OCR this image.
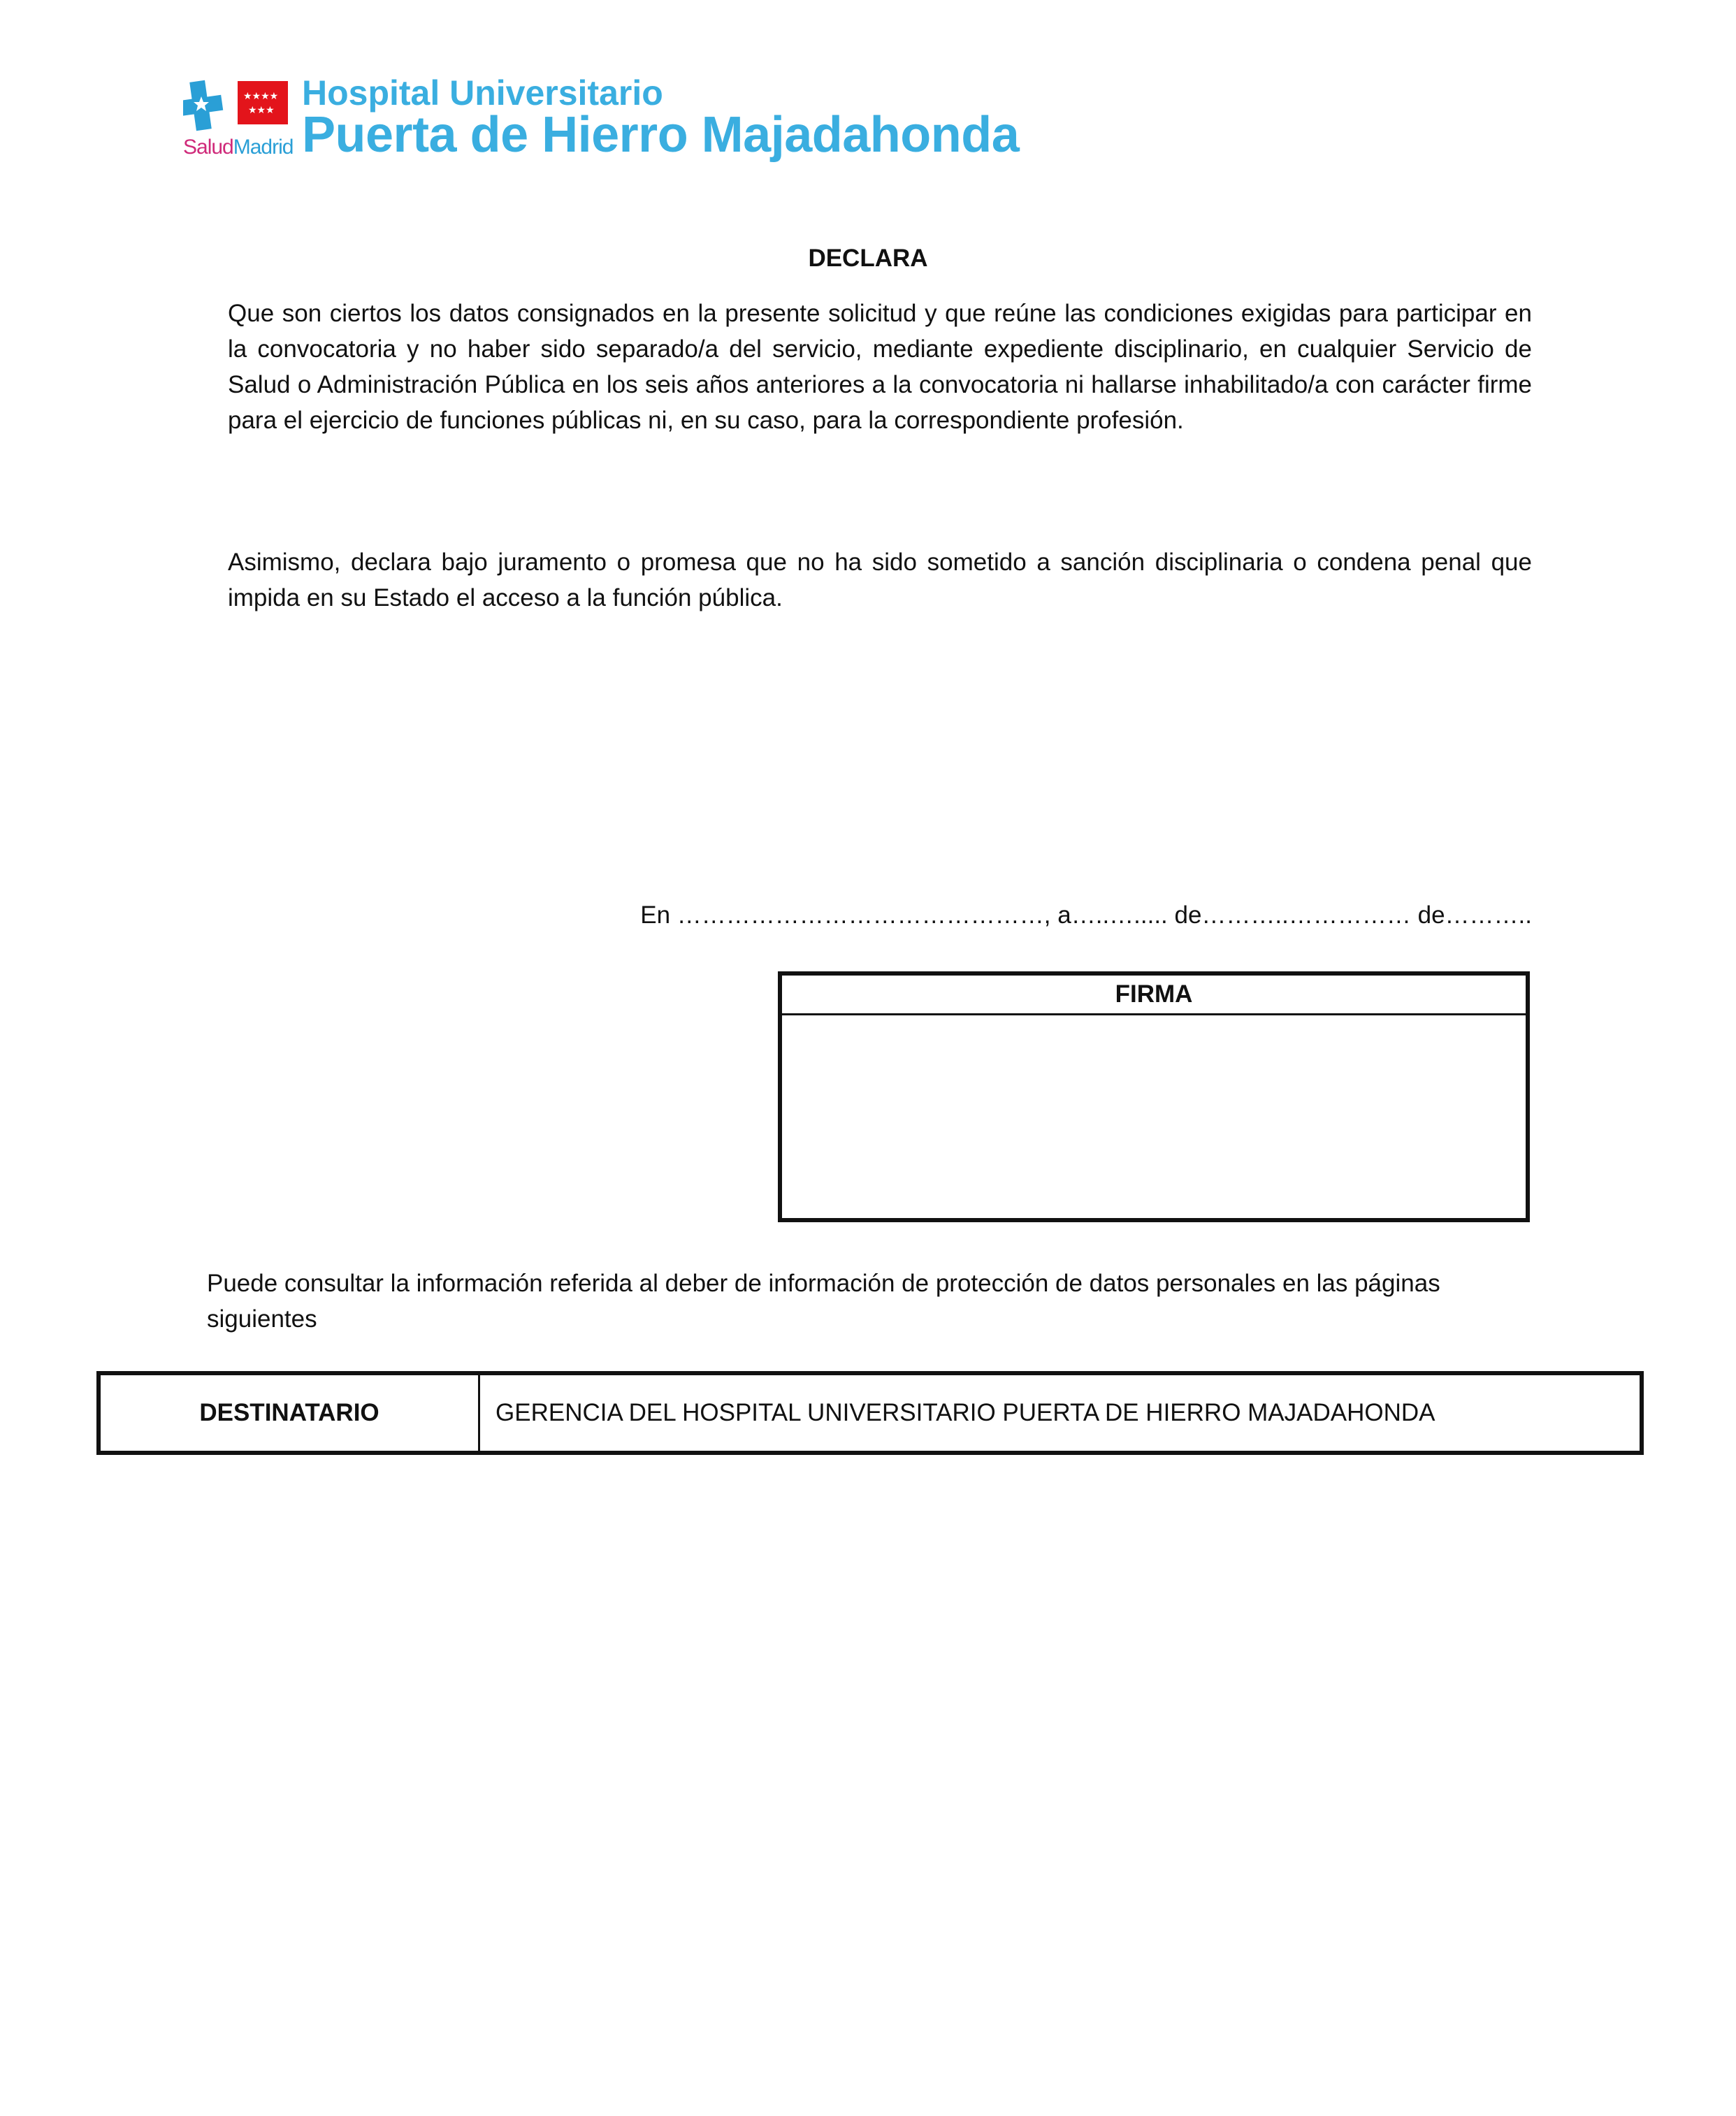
★★★★
★★★
SaludMadrid
Hospital Universitario
Puerta de Hierro Majadahonda
DECLARA
Que son ciertos los datos consignados en la presente solicitud y que reúne las condiciones exigidas para participar en la convocatoria y no haber sido separado/a del servicio, mediante expediente disciplinario, en cualquier Servicio de Salud o Administración Pública en los seis años anteriores a la convocatoria ni hallarse inhabilitado/a con carácter firme para el ejercicio de funciones públicas ni, en su caso, para la correspondiente profesión.
Asimismo, declara bajo juramento o promesa que no ha sido sometido a sanción disciplinaria o condena penal que impida en su Estado el acceso a la función pública.
En ………………………………………, a…..…..... de………..…………… de………..
FIRMA
Puede consultar la información referida al deber de información de protección de datos personales en las páginas siguientes
DESTINATARIO	GERENCIA DEL HOSPITAL UNIVERSITARIO PUERTA DE HIERRO MAJADAHONDA
